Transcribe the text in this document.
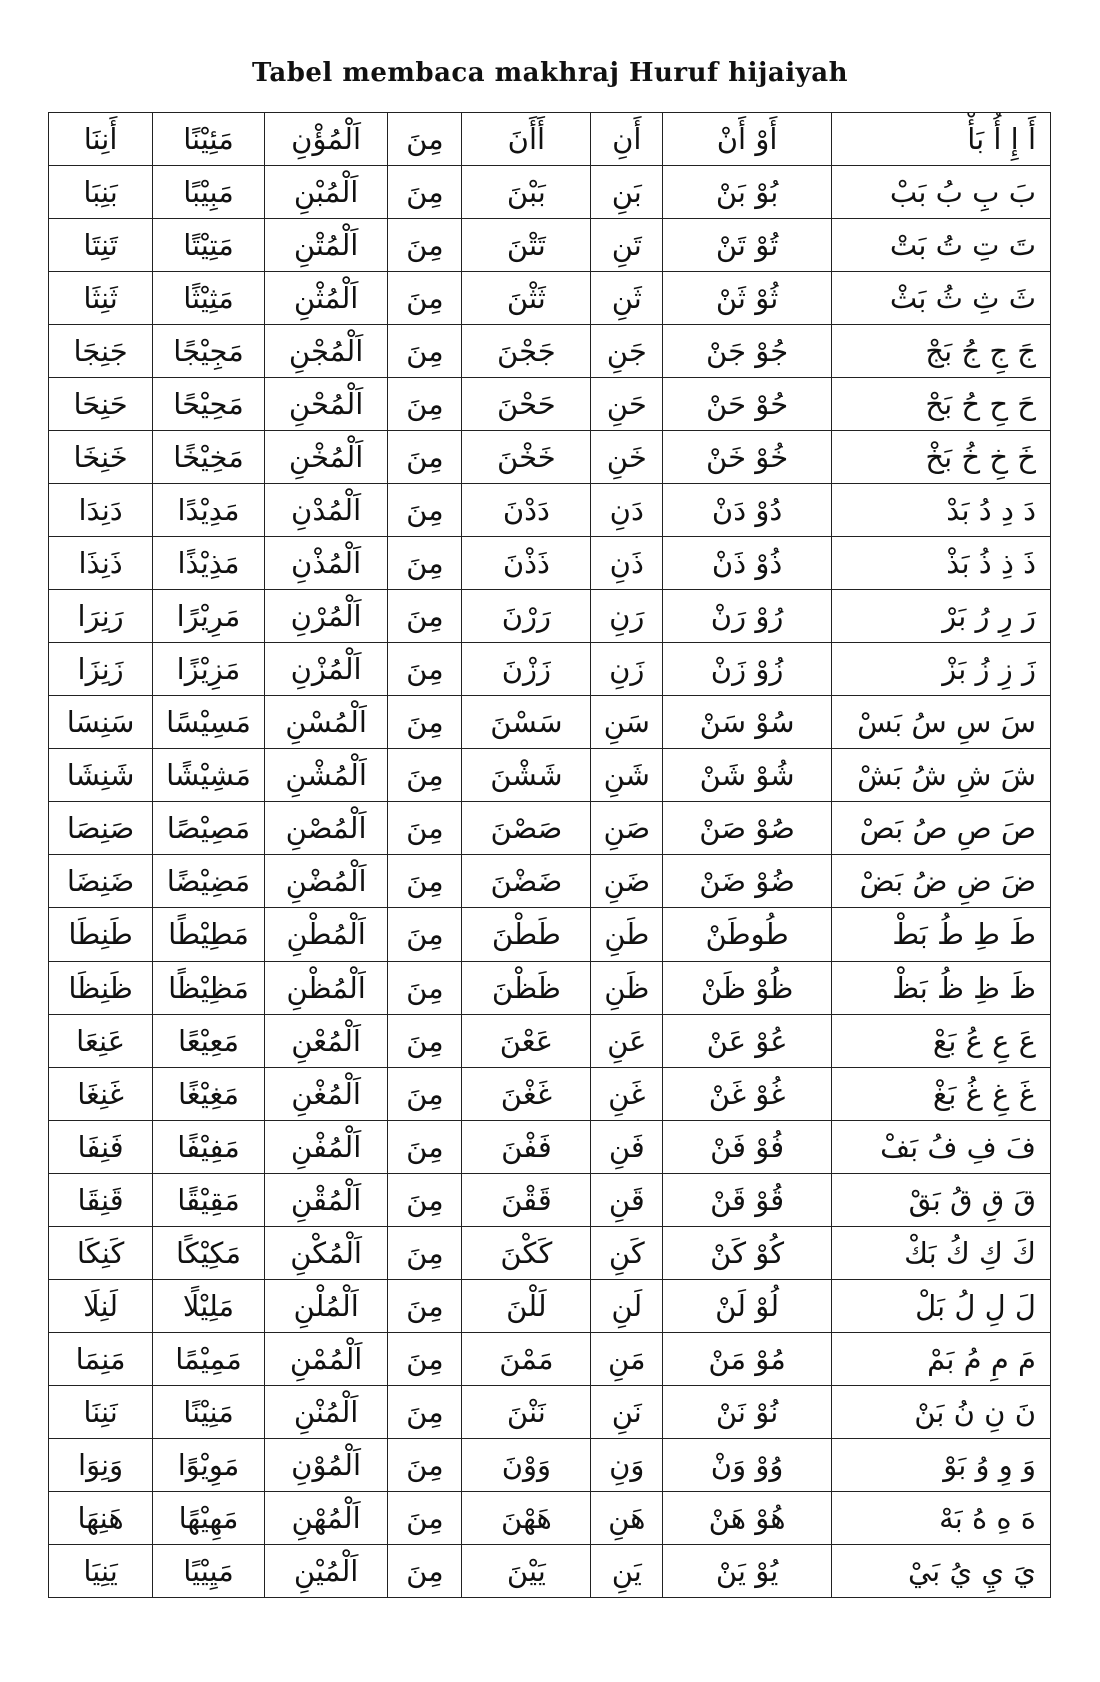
Tabel membaca makhraj Huruf hijaiyah
أَنِنَا	مَئِيْنًا	اَلْمُؤْنِ	مِنَ	أَأَنَ	أَنِ	أَوْ أَنْ	أَ إِ أُ بَأْ
بَنِبَا	مَبِيْبًا	اَلْمُبْنِ	مِنَ	بَبْنَ	بَنِ	بُوْ بَنْ	بَ بِ بُ بَبْ
تَنِتَا	مَتِيْتًا	اَلْمُتْنِ	مِنَ	تَتْنَ	تَنِ	تُوْ تَنْ	تَ تِ تُ بَتْ
ثَنِثَا	مَثِيْثًا	اَلْمُثْنِ	مِنَ	ثَثْنَ	ثَنِ	ثُوْ ثَنْ	ثَ ثِ ثُ بَثْ
جَنِجَا	مَجِيْجًا	اَلْمُجْنِ	مِنَ	جَجْنَ	جَنِ	جُوْ جَنْ	جَ جِ جُ بَجْ
حَنِحَا	مَحِيْحًا	اَلْمُحْنِ	مِنَ	حَحْنَ	حَنِ	حُوْ حَنْ	حَ حِ حُ بَحْ
خَنِخَا	مَخِيْخًا	اَلْمُخْنِ	مِنَ	خَخْنَ	خَنِ	خُوْ خَنْ	خَ خِ خُ بَخْ
دَنِدَا	مَدِيْدًا	اَلْمُدْنِ	مِنَ	دَدْنَ	دَنِ	دُوْ دَنْ	دَ دِ دُ بَدْ
ذَنِذَا	مَذِيْذًا	اَلْمُذْنِ	مِنَ	ذَذْنَ	ذَنِ	ذُوْ ذَنْ	ذَ ذِ ذُ بَذْ
رَنِرَا	مَرِيْرًا	اَلْمُرْنِ	مِنَ	رَرْنَ	رَنِ	رُوْ رَنْ	رَ رِ رُ بَرْ
زَنِزَا	مَزِيْزًا	اَلْمُزْنِ	مِنَ	زَزْنَ	زَنِ	زُوْ زَنْ	زَ زِ زُ بَزْ
سَنِسَا	مَسِيْسًا	اَلْمُسْنِ	مِنَ	سَسْنَ	سَنِ	سُوْ سَنْ	سَ سِ سُ بَسْ
شَنِشَا	مَشِيْشًا	اَلْمُشْنِ	مِنَ	شَشْنَ	شَنِ	شُوْ شَنْ	شَ شِ شُ بَشْ
صَنِصَا	مَصِيْصًا	اَلْمُصْنِ	مِنَ	صَصْنَ	صَنِ	صُوْ صَنْ	صَ صِ صُ بَصْ
ضَنِضَا	مَضِيْضًا	اَلْمُضْنِ	مِنَ	ضَضْنَ	ضَنِ	ضُوْ ضَنْ	ضَ ضِ ضُ بَضْ
طَنِطَا	مَطِيْطًا	اَلْمُطْنِ	مِنَ	طَطْنَ	طَنِ	طُوطَنْ	طَ طِ طُ بَطْ
ظَنِظَا	مَظِيْظًا	اَلْمُظْنِ	مِنَ	ظَظْنَ	ظَنِ	ظُوْ ظَنْ	ظَ ظِ ظُ بَظْ
عَنِعَا	مَعِيْعًا	اَلْمُعْنِ	مِنَ	عَعْنَ	عَنِ	عُوْ عَنْ	عَ عِ عُ بَعْ
غَنِغَا	مَغِيْغًا	اَلْمُغْنِ	مِنَ	غَغْنَ	غَنِ	غُوْ غَنْ	غَ غِ غُ بَغْ
فَنِفَا	مَفِيْفًا	اَلْمُفْنِ	مِنَ	فَفْنَ	فَنِ	فُوْ فَنْ	فَ فِ فُ بَفْ
قَنِقَا	مَقِيْقًا	اَلْمُقْنِ	مِنَ	قَقْنَ	قَنِ	قُوْ قَنْ	قَ قِ قُ بَقْ
كَنِكَا	مَكِيْكًا	اَلْمُكْنِ	مِنَ	كَكْنَ	كَنِ	كُوْ كَنْ	كَ كِ كُ بَكْ
لَنِلَا	مَلِيْلًا	اَلْمُلْنِ	مِنَ	لَلْنَ	لَنِ	لُوْ لَنْ	لَ لِ لُ بَلْ
مَنِمَا	مَمِيْمًا	اَلْمُمْنِ	مِنَ	مَمْنَ	مَنِ	مُوْ مَنْ	مَ مِ مُ بَمْ
نَنِنَا	مَنِيْنًا	اَلْمُنْنِ	مِنَ	نَنْنَ	نَنِ	نُوْ نَنْ	نَ نِ نُ بَنْ
وَنِوَا	مَوِيْوًا	اَلْمُوْنِ	مِنَ	وَوْنَ	وَنِ	وُوْ وَنْ	وَ وِ وُ بَوْ
هَنِهَا	مَهِيْهًا	اَلْمُهْنِ	مِنَ	هَهْنَ	هَنِ	هُوْ هَنْ	هَ هِ هُ بَهْ
يَنِيَا	مَيِيْيًا	اَلْمُيْنِ	مِنَ	يَيْنَ	يَنِ	يُوْ يَنْ	يَ يِ يُ بَيْ
